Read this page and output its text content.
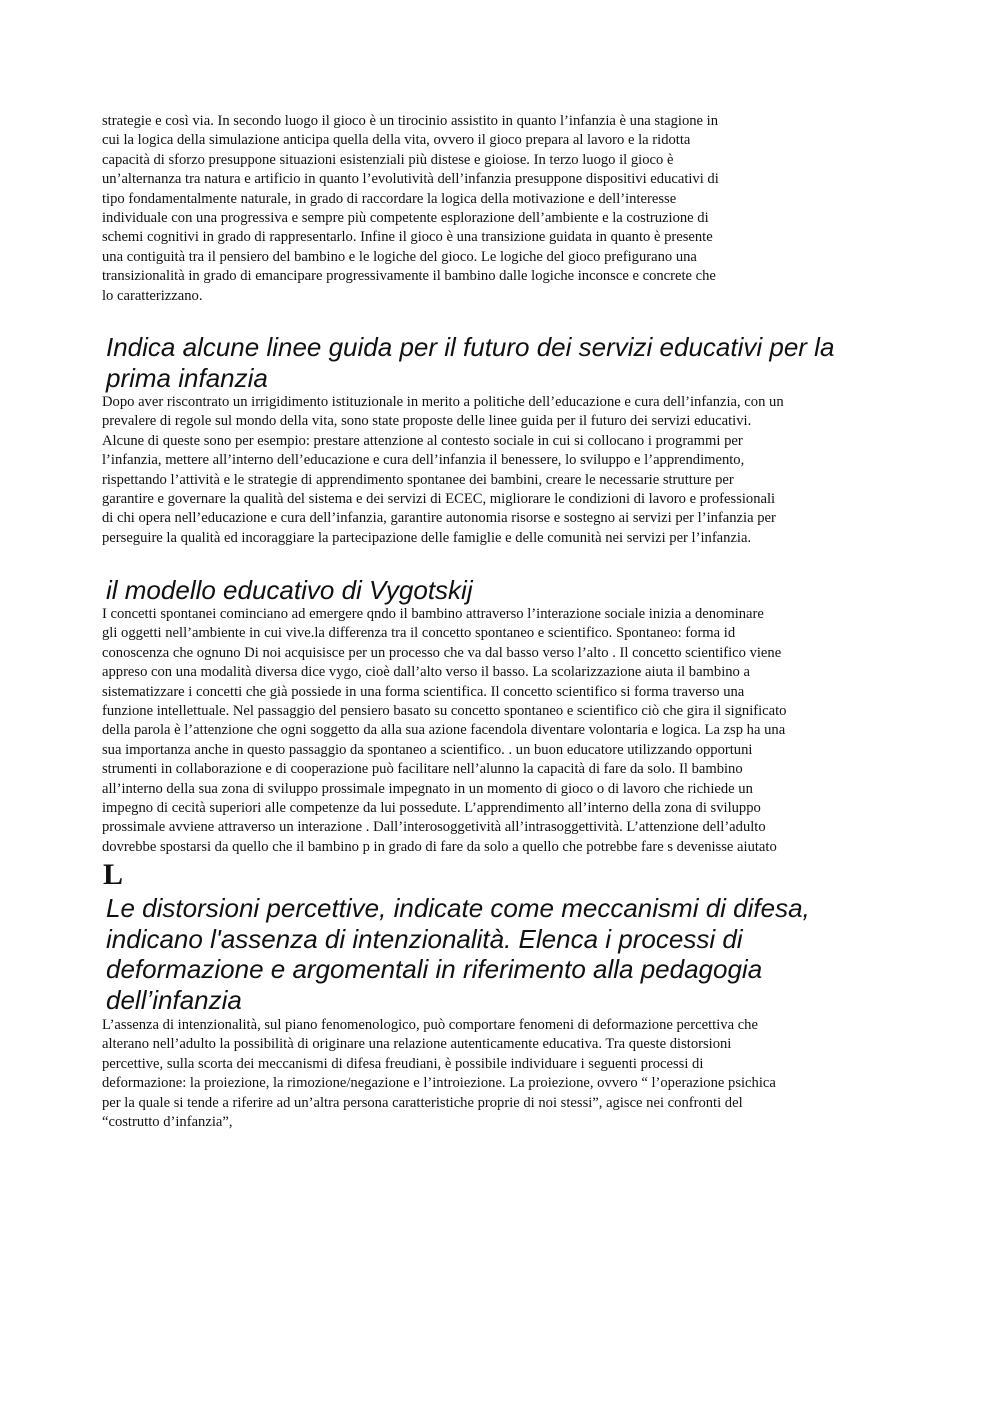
· · ·

strategie e così via. In secondo luogo il gioco è un tirocinio assistito in quanto l’infanzia è una stagione in
cui la logica della simulazione anticipa quella della vita, ovvero il gioco prepara al lavoro e la ridotta
capacità di sforzo presuppone situazioni esistenziali più distese e gioiose. In terzo luogo il gioco è
un’alternanza tra natura e artificio in quanto l’evolutività dell’infanzia presuppone dispositivi educativi di
tipo fondamentalmente naturale, in grado di raccordare la logica della motivazione e dell’interesse
individuale con una progressiva e sempre più competente esplorazione dell’ambiente e la costruzione di
schemi cognitivi in grado di rappresentarlo. Infine il gioco è una transizione guidata in quanto è presente
una contiguità tra il pensiero del bambino e le logiche del gioco. Le logiche del gioco prefigurano una
transizionalità in grado di emancipare progressivamente il bambino dalle logiche inconsce e concrete che
lo caratterizzano.

Indica alcune linee guida per il futuro dei servizi educativi per la
prima infanzia

Dopo aver riscontrato un irrigidimento istituzionale in merito a politiche dell’educazione e cura dell’infanzia, con un
prevalere di regole sul mondo della vita, sono state proposte delle linee guida per il futuro dei servizi educativi.
Alcune di queste sono per esempio: prestare attenzione al contesto sociale in cui si collocano i programmi per
l’infanzia, mettere all’interno dell’educazione e cura dell’infanzia il benessere, lo sviluppo e l’apprendimento,
rispettando l’attività e le strategie di apprendimento spontanee dei bambini, creare le necessarie strutture per
garantire e governare la qualità del sistema e dei servizi di ECEC, migliorare le condizioni di lavoro e professionali
di chi opera nell’educazione e cura dell’infanzia, garantire autonomia risorse e sostegno ai servizi per l’infanzia per
perseguire la qualità ed incoraggiare la partecipazione delle famiglie e delle comunità nei servizi per l’infanzia.

il modello educativo di Vygotskij

I concetti spontanei cominciano ad emergere qndo il bambino attraverso l’interazione sociale inizia a denominare
gli oggetti nell’ambiente in cui vive.la differenza tra il concetto spontaneo e scientifico. Spontaneo: forma id
conoscenza che ognuno Di noi acquisisce per un processo che va dal basso verso l’alto . Il concetto scientifico viene
appreso con una modalità diversa dice vygo, cioè dall’alto verso il basso. La scolarizzazione aiuta il bambino a
sistematizzare i concetti che già possiede in una forma scientifica. Il concetto scientifico si forma traverso una
funzione intellettuale. Nel passaggio del pensiero basato su concetto spontaneo e scientifico ciò che gira il significato
della parola è l’attenzione che ogni soggetto da alla sua azione facendola diventare volontaria e logica. La zsp ha una
sua importanza anche in questo passaggio da spontaneo a scientifico. . un buon educatore utilizzando opportuni
strumenti in collaborazione e di cooperazione può facilitare nell’alunno la capacità di fare da solo. Il bambino
all’interno della sua zona di sviluppo prossimale impegnato in un momento di gioco o di lavoro che richiede un
impegno di cecità superiori alle competenze da lui possedute. L’apprendimento all’interno della zona di sviluppo
prossimale avviene attraverso un interazione . Dall’interosoggetività all’intrasoggettività. L’attenzione dell’adulto
dovrebbe spostarsi da quello che il bambino p in grado di fare da solo a quello che potrebbe fare s devenisse aiutato

L
Le distorsioni percettive, indicate come meccanismi di difesa,
indicano l'assenza di intenzionalità. Elenca i processi di
deformazione e argomentali in riferimento alla pedagogia
dell’infanzia

L’assenza di intenzionalità, sul piano fenomenologico, può comportare fenomeni di deformazione percettiva che
alterano nell’adulto la possibilità di originare una relazione autenticamente educativa. Tra queste distorsioni
percettive, sulla scorta dei meccanismi di difesa freudiani, è possibile individuare i seguenti processi di
deformazione: la proiezione, la rimozione/negazione e l’introiezione. La proiezione, ovvero “ l’operazione psichica
per la quale si tende a riferire ad un’altra persona caratteristiche proprie di noi stessi”, agisce nei confronti del
“costrutto d’infanzia”,
